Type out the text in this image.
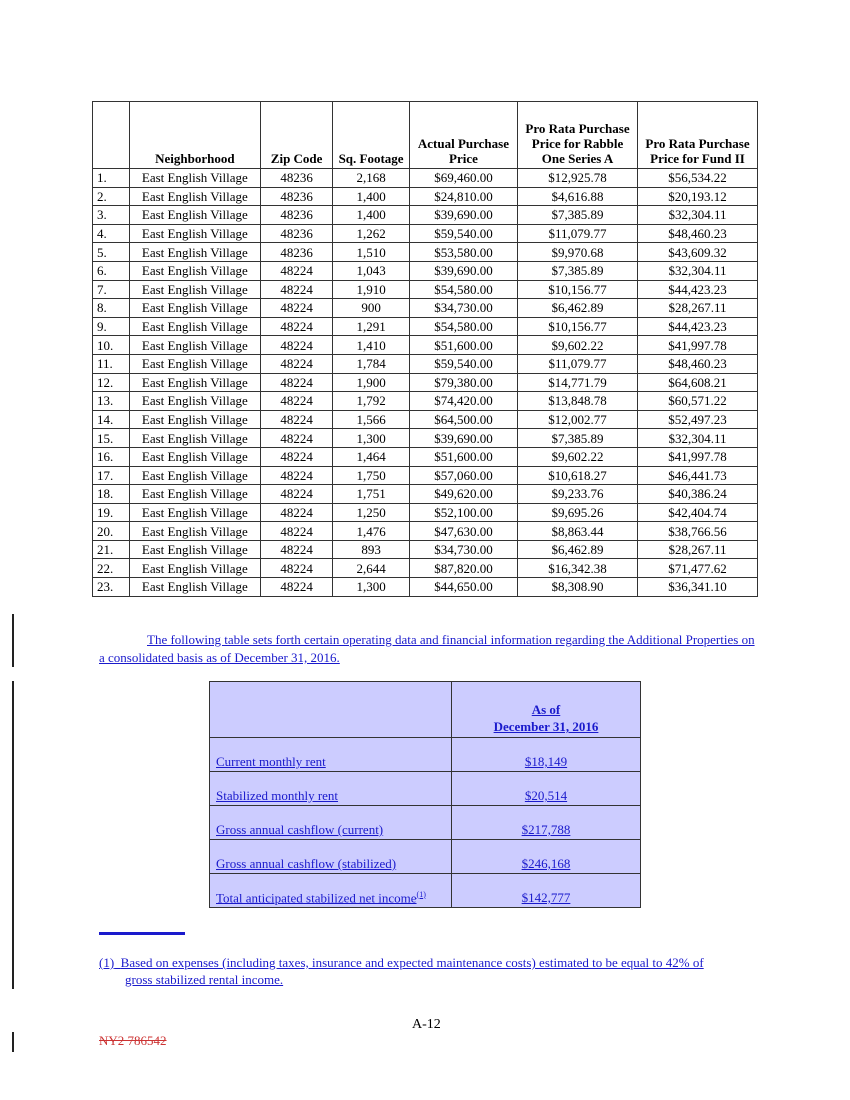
	Neighborhood	Zip Code	Sq. Footage	Actual Purchase Price	Pro Rata Purchase Price for Rabble One Series A	Pro Rata Purchase Price for Fund II
1.	East English Village	48236	2,168	$69,460.00	$12,925.78	$56,534.22
2.	East English Village	48236	1,400	$24,810.00	$4,616.88	$20,193.12
3.	East English Village	48236	1,400	$39,690.00	$7,385.89	$32,304.11
4.	East English Village	48236	1,262	$59,540.00	$11,079.77	$48,460.23
5.	East English Village	48236	1,510	$53,580.00	$9,970.68	$43,609.32
6.	East English Village	48224	1,043	$39,690.00	$7,385.89	$32,304.11
7.	East English Village	48224	1,910	$54,580.00	$10,156.77	$44,423.23
8.	East English Village	48224	900	$34,730.00	$6,462.89	$28,267.11
9.	East English Village	48224	1,291	$54,580.00	$10,156.77	$44,423.23
10.	East English Village	48224	1,410	$51,600.00	$9,602.22	$41,997.78
11.	East English Village	48224	1,784	$59,540.00	$11,079.77	$48,460.23
12.	East English Village	48224	1,900	$79,380.00	$14,771.79	$64,608.21
13.	East English Village	48224	1,792	$74,420.00	$13,848.78	$60,571.22
14.	East English Village	48224	1,566	$64,500.00	$12,002.77	$52,497.23
15.	East English Village	48224	1,300	$39,690.00	$7,385.89	$32,304.11
16.	East English Village	48224	1,464	$51,600.00	$9,602.22	$41,997.78
17.	East English Village	48224	1,750	$57,060.00	$10,618.27	$46,441.73
18.	East English Village	48224	1,751	$49,620.00	$9,233.76	$40,386.24
19.	East English Village	48224	1,250	$52,100.00	$9,695.26	$42,404.74
20.	East English Village	48224	1,476	$47,630.00	$8,863.44	$38,766.56
21.	East English Village	48224	893	$34,730.00	$6,462.89	$28,267.11
22.	East English Village	48224	2,644	$87,820.00	$16,342.38	$71,477.62
23.	East English Village	48224	1,300	$44,650.00	$8,308.90	$36,341.10
The following table sets forth certain operating data and financial information regarding the Additional Properties on a consolidated basis as of December 31, 2016.
	As of
December 31, 2016
Current monthly rent	$18,149
Stabilized monthly rent	$20,514
Gross annual cashflow (current)	$217,788
Gross annual cashflow (stabilized)	$246,168
Total anticipated stabilized net income$^{(1)}$	$142,777
(1) Based on expenses (including taxes, insurance and expected maintenance costs) estimated to be equal to 42% of
gross stabilized rental income.
A-12
NY2 786542
